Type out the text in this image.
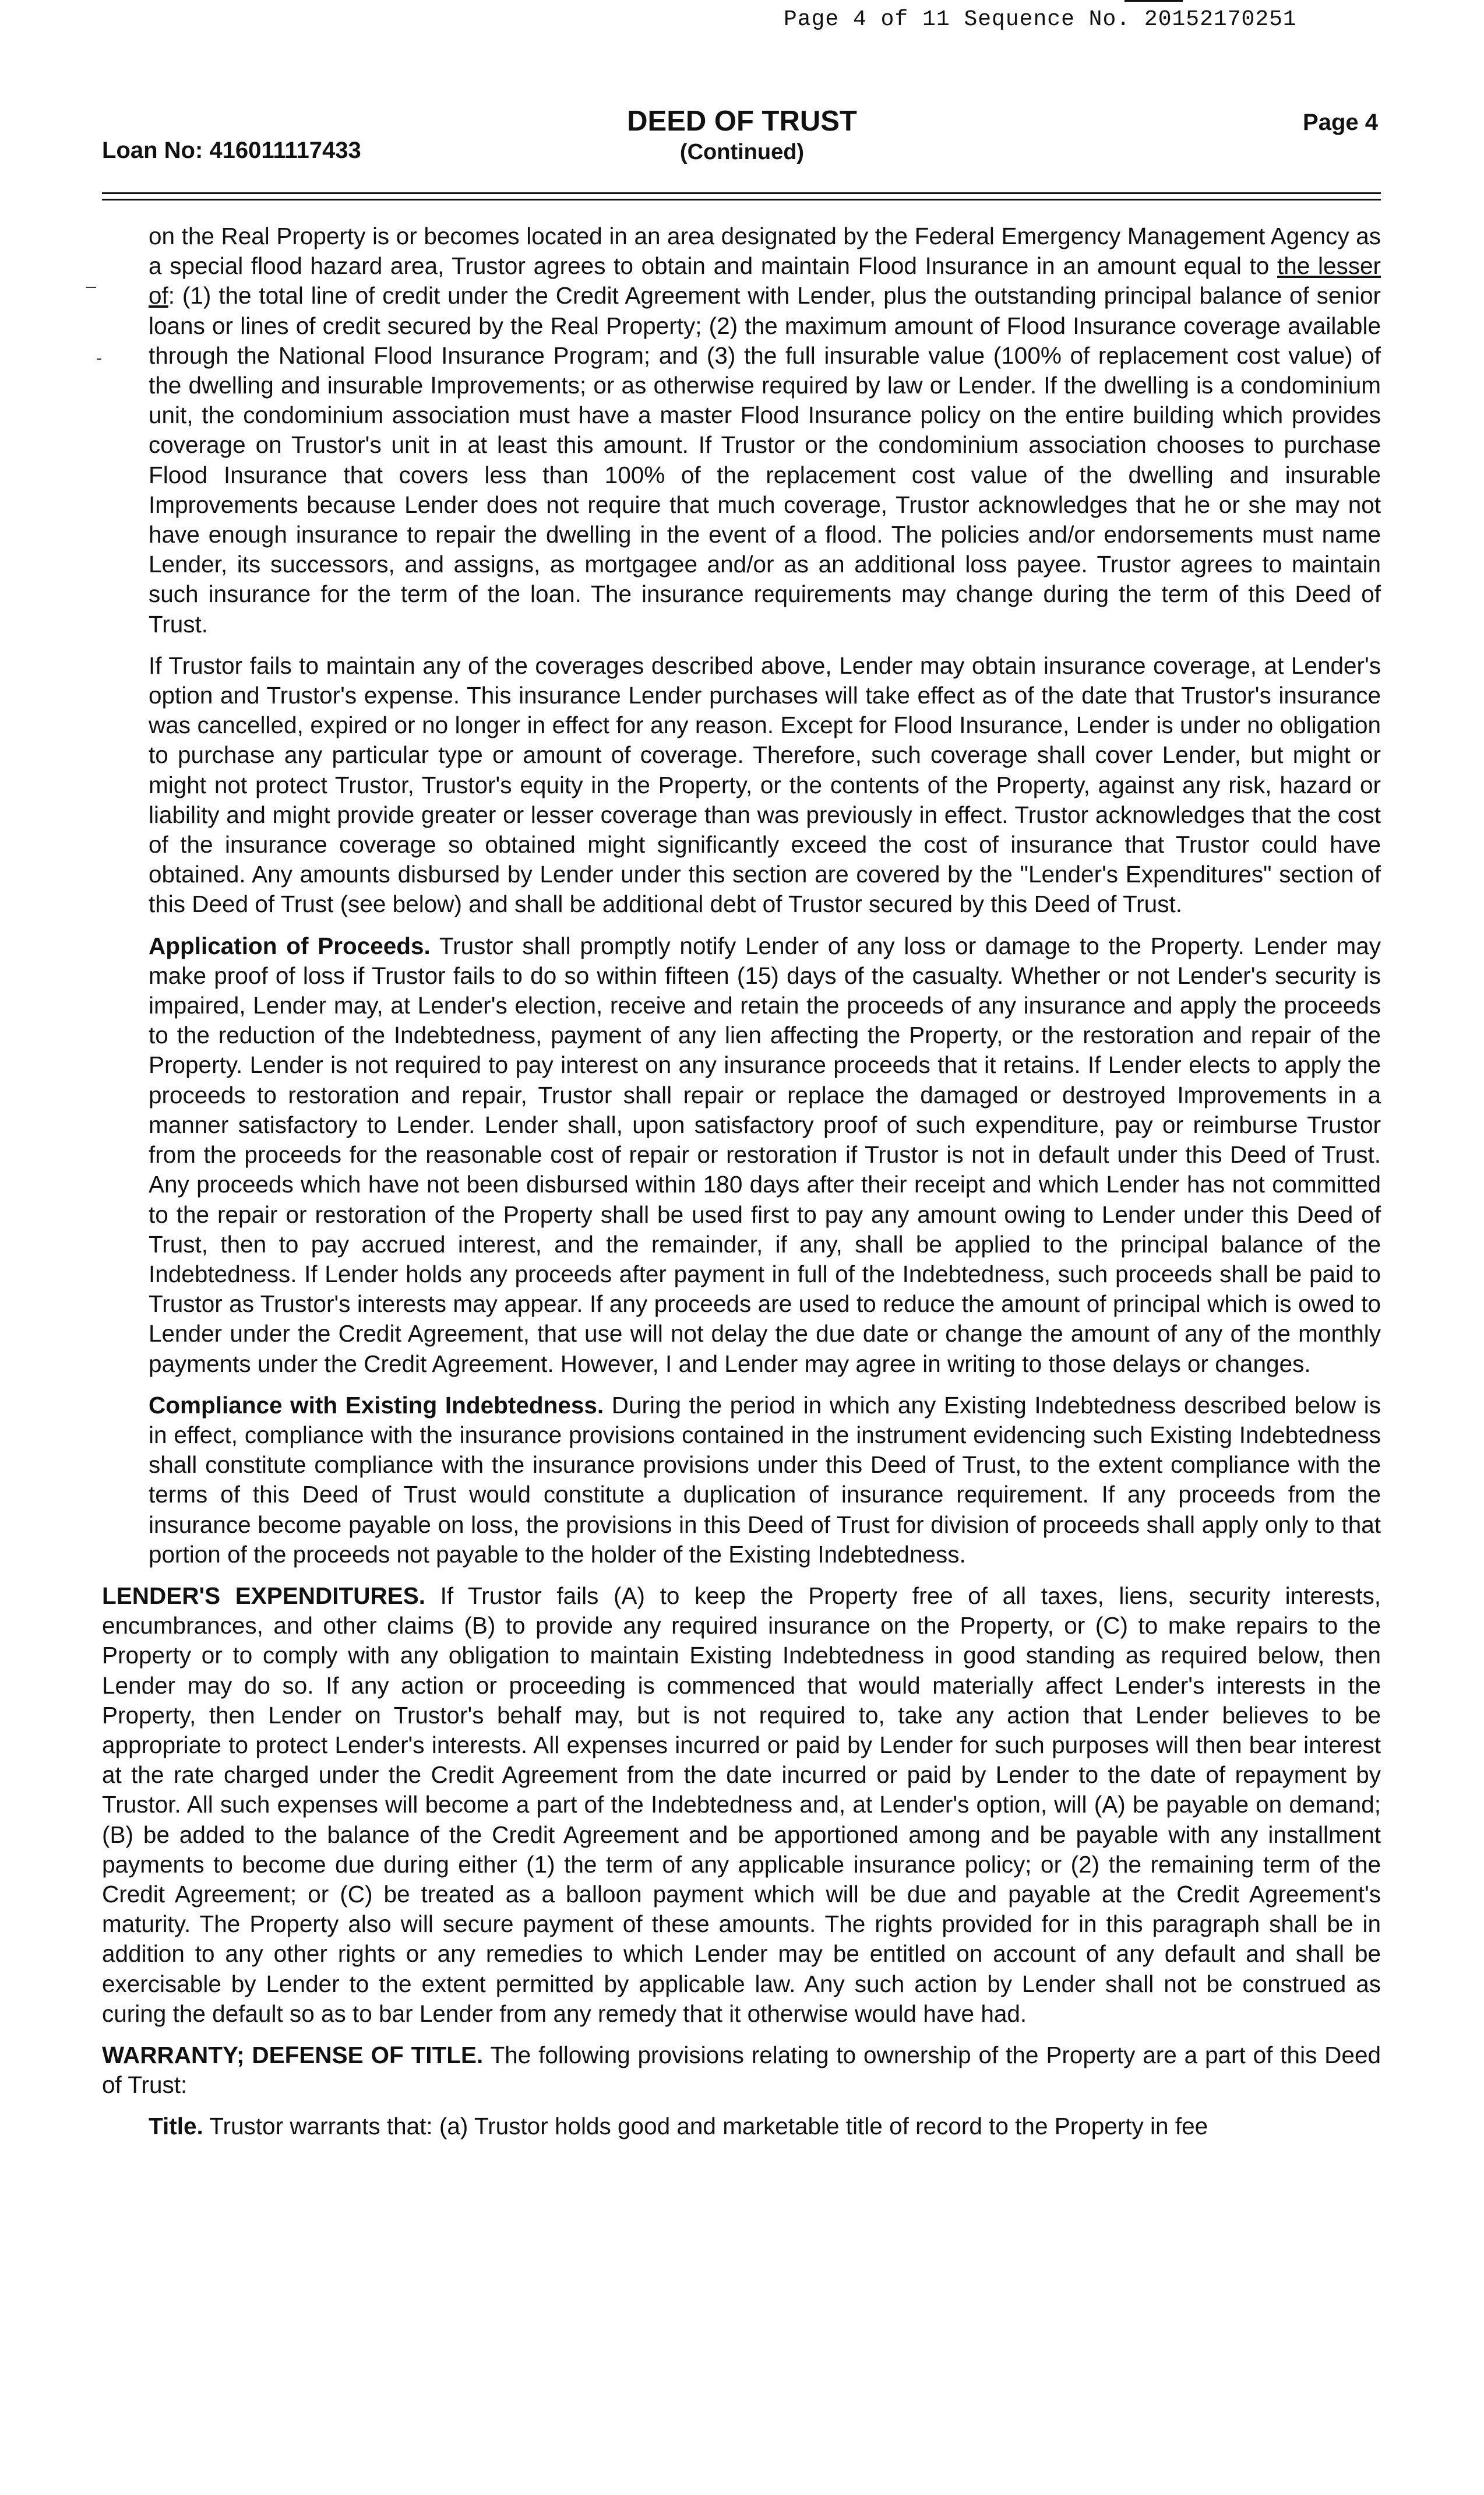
Page 4 of 11 Sequence No. 20152170251
Loan No: 416011117433
DEED OF TRUST
(Continued)
Page 4
_
-

on the Real Property is or becomes located in an area designated by the Federal Emergency Management Agency as a special flood hazard area, Trustor agrees to obtain and maintain Flood Insurance in an amount equal to the lesser of: (1) the total line of credit under the Credit Agreement with Lender, plus the outstanding principal balance of senior loans or lines of credit secured by the Real Property; (2) the maximum amount of Flood Insurance coverage available through the National Flood Insurance Program; and (3) the full insurable value (100% of replacement cost value) of the dwelling and insurable Improvements; or as otherwise required by law or Lender. If the dwelling is a condominium unit, the condominium association must have a master Flood Insurance policy on the entire building which provides coverage on Trustor's unit in at least this amount. If Trustor or the condominium association chooses to purchase Flood Insurance that covers less than 100% of the replacement cost value of the dwelling and insurable Improvements because Lender does not require that much coverage, Trustor acknowledges that he or she may not have enough insurance to repair the dwelling in the event of a flood. The policies and/or endorsements must name Lender, its successors, and assigns, as mortgagee and/or as an additional loss payee. Trustor agrees to maintain such insurance for the term of the loan. The insurance requirements may change during the term of this Deed of Trust.

If Trustor fails to maintain any of the coverages described above, Lender may obtain insurance coverage, at Lender's option and Trustor's expense. This insurance Lender purchases will take effect as of the date that Trustor's insurance was cancelled, expired or no longer in effect for any reason. Except for Flood Insurance, Lender is under no obligation to purchase any particular type or amount of coverage. Therefore, such coverage shall cover Lender, but might or might not protect Trustor, Trustor's equity in the Property, or the contents of the Property, against any risk, hazard or liability and might provide greater or lesser coverage than was previously in effect. Trustor acknowledges that the cost of the insurance coverage so obtained might significantly exceed the cost of insurance that Trustor could have obtained. Any amounts disbursed by Lender under this section are covered by the "Lender's Expenditures" section of this Deed of Trust (see below) and shall be additional debt of Trustor secured by this Deed of Trust.

Application of Proceeds. Trustor shall promptly notify Lender of any loss or damage to the Property. Lender may make proof of loss if Trustor fails to do so within fifteen (15) days of the casualty. Whether or not Lender's security is impaired, Lender may, at Lender's election, receive and retain the proceeds of any insurance and apply the proceeds to the reduction of the Indebtedness, payment of any lien affecting the Property, or the restoration and repair of the Property. Lender is not required to pay interest on any insurance proceeds that it retains. If Lender elects to apply the proceeds to restoration and repair, Trustor shall repair or replace the damaged or destroyed Improvements in a manner satisfactory to Lender. Lender shall, upon satisfactory proof of such expenditure, pay or reimburse Trustor from the proceeds for the reasonable cost of repair or restoration if Trustor is not in default under this Deed of Trust. Any proceeds which have not been disbursed within 180 days after their receipt and which Lender has not committed to the repair or restoration of the Property shall be used first to pay any amount owing to Lender under this Deed of Trust, then to pay accrued interest, and the remainder, if any, shall be applied to the principal balance of the Indebtedness. If Lender holds any proceeds after payment in full of the Indebtedness, such proceeds shall be paid to Trustor as Trustor's interests may appear. If any proceeds are used to reduce the amount of principal which is owed to Lender under the Credit Agreement, that use will not delay the due date or change the amount of any of the monthly payments under the Credit Agreement. However, I and Lender may agree in writing to those delays or changes.

Compliance with Existing Indebtedness. During the period in which any Existing Indebtedness described below is in effect, compliance with the insurance provisions contained in the instrument evidencing such Existing Indebtedness shall constitute compliance with the insurance provisions under this Deed of Trust, to the extent compliance with the terms of this Deed of Trust would constitute a duplication of insurance requirement. If any proceeds from the insurance become payable on loss, the provisions in this Deed of Trust for division of proceeds shall apply only to that portion of the proceeds not payable to the holder of the Existing Indebtedness.

LENDER'S EXPENDITURES. If Trustor fails (A) to keep the Property free of all taxes, liens, security interests, encumbrances, and other claims (B) to provide any required insurance on the Property, or (C) to make repairs to the Property or to comply with any obligation to maintain Existing Indebtedness in good standing as required below, then Lender may do so. If any action or proceeding is commenced that would materially affect Lender's interests in the Property, then Lender on Trustor's behalf may, but is not required to, take any action that Lender believes to be appropriate to protect Lender's interests. All expenses incurred or paid by Lender for such purposes will then bear interest at the rate charged under the Credit Agreement from the date incurred or paid by Lender to the date of repayment by Trustor. All such expenses will become a part of the Indebtedness and, at Lender's option, will (A) be payable on demand; (B) be added to the balance of the Credit Agreement and be apportioned among and be payable with any installment payments to become due during either (1) the term of any applicable insurance policy; or (2) the remaining term of the Credit Agreement; or (C) be treated as a balloon payment which will be due and payable at the Credit Agreement's maturity. The Property also will secure payment of these amounts. The rights provided for in this paragraph shall be in addition to any other rights or any remedies to which Lender may be entitled on account of any default and shall be exercisable by Lender to the extent permitted by applicable law. Any such action by Lender shall not be construed as curing the default so as to bar Lender from any remedy that it otherwise would have had.

WARRANTY; DEFENSE OF TITLE. The following provisions relating to ownership of the Property are a part of this Deed of Trust:

Title. Trustor warrants that: (a) Trustor holds good and marketable title of record to the Property in fee
